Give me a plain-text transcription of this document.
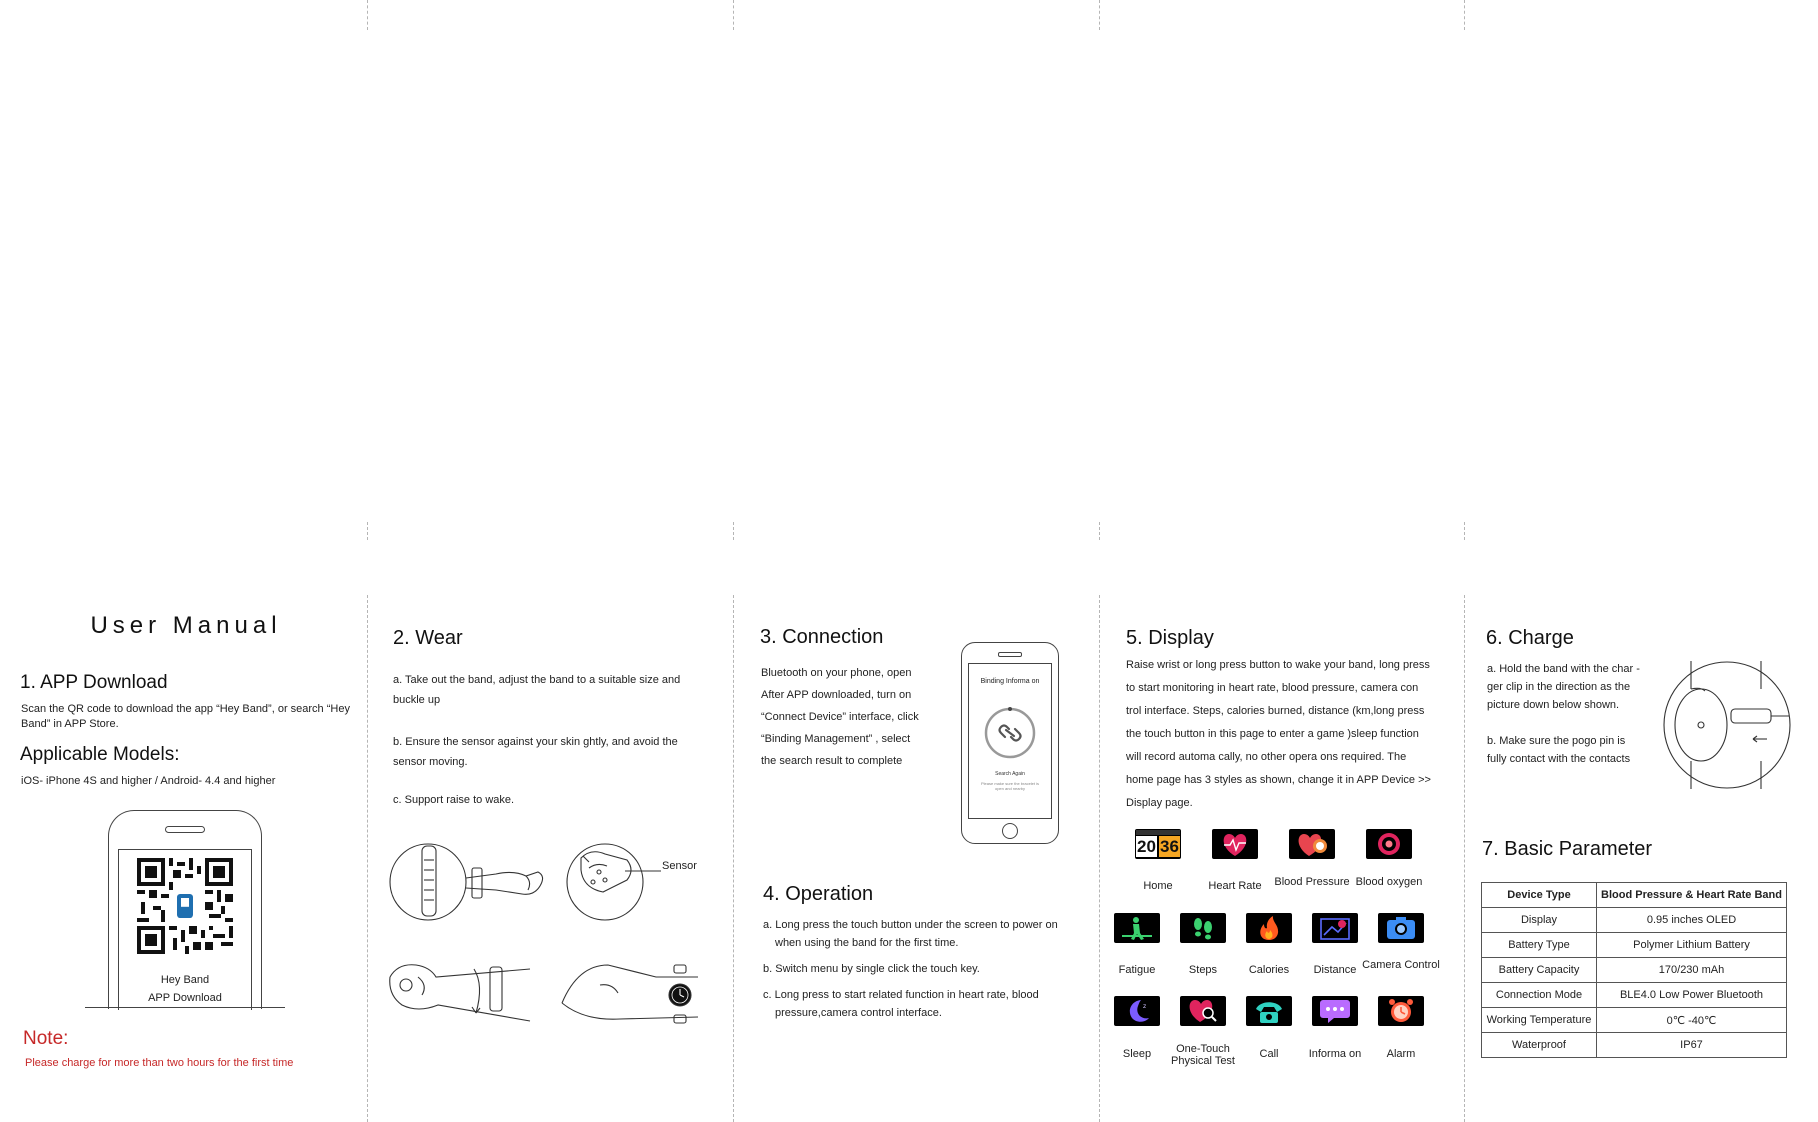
User Manual
1. APP Download
Scan the QR code to download the app “Hey Band”, or search “Hey Band” in APP Store.
Applicable Models:
iOS- iPhone 4S and higher / Android- 4.4 and higher
Hey Band
APP Download
Note:
Please charge for more than two hours for the first time
2. Wear
a. Take out the band, adjust the band to a suitable size and buckle up
b. Ensure the sensor against your skin ghtly, and avoid the sensor moving.
c. Support raise to wake.
Sensor
3. Connection

Bluetooth on your phone, open

After APP downloaded, turn on

“Connect Device” interface, click

“Binding Management” , select

the search result to complete

Binding Informa on
Search Again
Please make sure the bracelet is open and nearby
4. Operation

a. Long press the touch button under the screen to power on

when using the band for the first time.

b. Switch menu by single click the touch key.

c. Long press to start related function in heart rate, blood

pressure,camera control interface.

5. Display

Raise wrist or long press button to wake your band, long press

to start monitoring in heart rate, blood pressure, camera con

trol interface. Steps, calories burned, distance (km,long press

the touch button in this page to enter a game )sleep function

will record automa cally, no other opera ons required. The

home page has 3 styles as shown, change it in APP Device >>

Display page.

20 36
Home	Heart Rate	Blood Pressure Blood oxygen
Fatigue	Steps	Calories	Distance Camera Control
z
Sleep	One-Touch Physical Test
Call	Informa on	Alarm
6. Charge

a. Hold the band with the char -

ger clip in the direction as the

picture down below shown.

b. Make sure the pogo pin is

fully contact with the contacts

7. Basic Parameter
Device Type	Blood Pressure & Heart Rate Band
Display	0.95 inches OLED
Battery Type	Polymer Lithium Battery
Battery Capacity	170/230 mAh
Connection Mode	BLE4.0 Low Power Bluetooth
Working Temperature	0℃ -40℃
Waterproof	IP67
